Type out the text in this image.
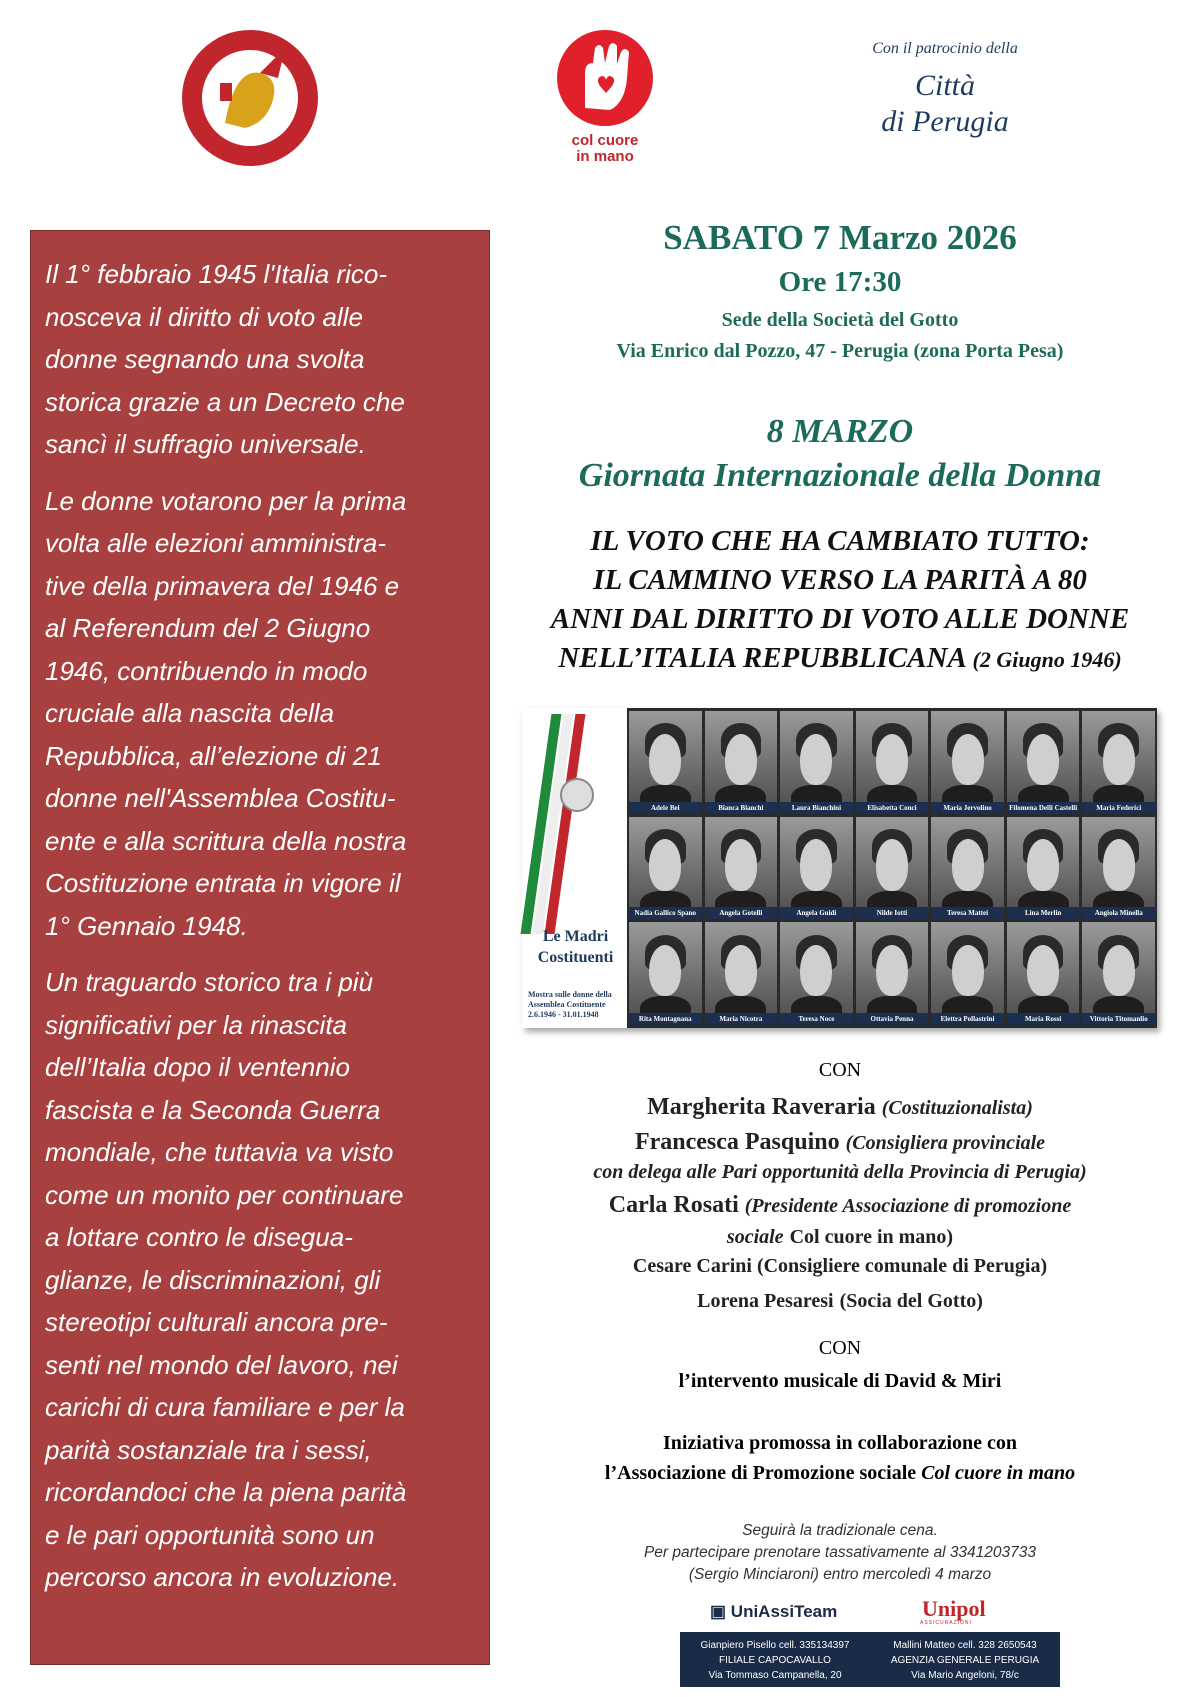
col cuore
in mano
Con il patrocinio della
Città
di Perugia

Il 1° febbraio 1945 l'Italia rico-
nosceva il diritto di voto alle
donne segnando una svolta
storica grazie a un Decreto che
sancì il suffragio universale.

Le donne votarono per la prima
volta alle elezioni amministra-
tive della primavera del 1946 e
al Referendum del 2 Giugno
1946, contribuendo in modo
cruciale alla nascita della
Repubblica, all’elezione di 21
donne nell'Assemblea Costitu-
ente e alla scrittura della nostra
Costituzione entrata in vigore il
1° Gennaio 1948.

Un traguardo storico tra i più
significativi per la rinascita
dell’Italia dopo il ventennio
fascista e la Seconda Guerra
mondiale, che tuttavia va visto
come un monito per continuare
a lottare contro le disegua-
glianze, le discriminazioni, gli
stereotipi culturali ancora pre-
senti nel mondo del lavoro, nei
carichi di cura familiare e per la
parità sostanziale tra i sessi,
ricordandoci che la piena parità
e le pari opportunità sono un
percorso ancora in evoluzione.

SABATO 7 Marzo 2026
Ore 17:30
Sede della Società del Gotto
Via Enrico dal Pozzo, 47 - Perugia (zona Porta Pesa)
8 MARZO
Giornata Internazionale della Donna
IL VOTO CHE HA CAMBIATO TUTTO:
IL CAMMINO VERSO LA PARITÀ A 80
ANNI DAL DIRITTO DI VOTO ALLE DONNE
NELL’ITALIA REPUBBLICANA (2 Giugno 1946)
Le Madri
Costituenti
Mostra sulle donne della
Assemblea Costituente
2.6.1946 - 31.01.1948
Adele Bei	Bianca Bianchi	Laura Bianchini	Elisabetta Conci	Maria Jervolino	Filomena Delli Castelli	Maria Federici
Nadia Gallico Spano	Angela Gotelli	Angela Guidi	Nilde Iotti	Teresa Mattei	Lina Merlin	Angiola Minella
Rita Montagnana	Maria Nicotra	Teresa Noce	Ottavia Penna	Elettra Pollastrini	Maria Rossi	Vittoria Titomanlio
CON
Margherita Raveraria (Costituzionalista)
Francesca Pasquino (Consigliera provinciale
con delega alle Pari opportunità della Provincia di Perugia)
Carla Rosati (Presidente Associazione di promozione
sociale Col cuore in mano)
Cesare Carini (Consigliere comunale di Perugia)
Lorena Pesaresi (Socia del Gotto)
CON
l’intervento musicale di David & Miri
Iniziativa promossa in collaborazione con
l’Associazione di Promozione sociale Col cuore in mano
Seguirà la tradizionale cena.
Per partecipare prenotare tassativamente al 3341203733
(Sergio Minciaroni) entro mercoledì 4 marzo
▣ UniAssiTeam	Unipol
ASSICURAZIONI
Gianpiero Pisello cell. 335134397
FILIALE CAPOCAVALLO
Via Tommaso Campanella, 20
Mallini Matteo cell. 328 2650543
AGENZIA GENERALE PERUGIA
Via Mario Angeloni, 78/c
